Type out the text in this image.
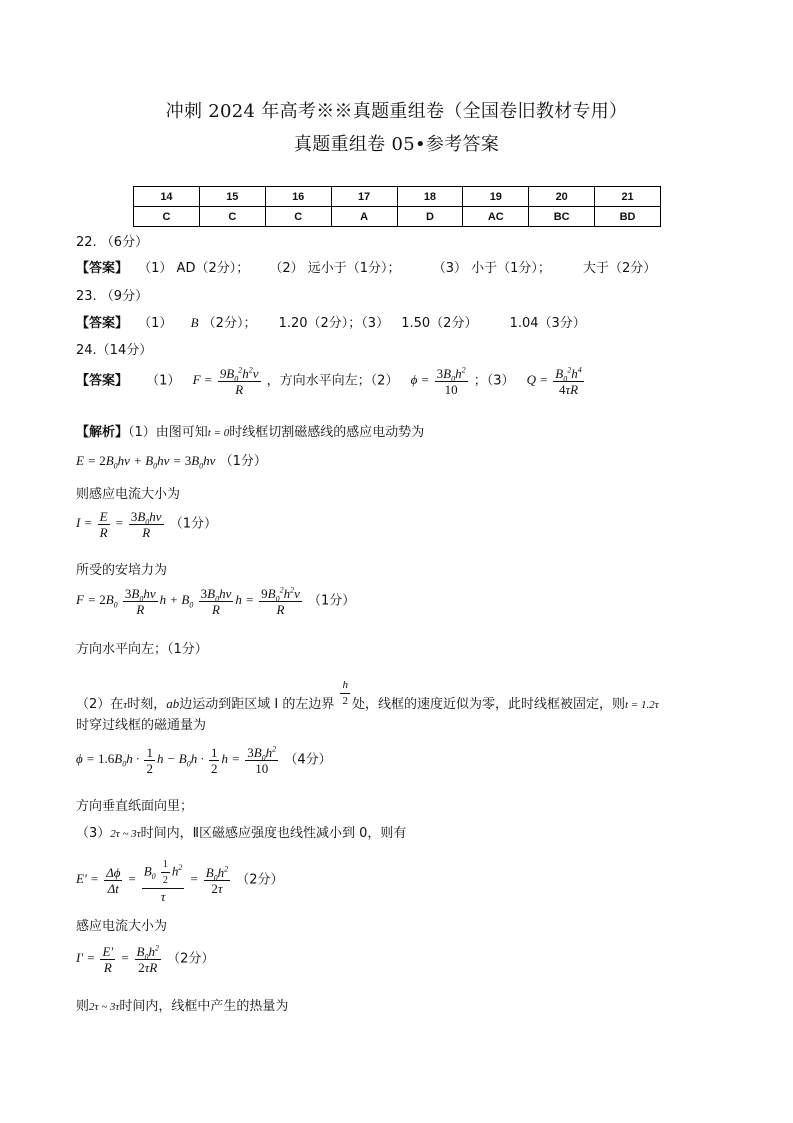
冲刺 2024 年高考※※真题重组卷（全国卷旧教材专用）
真题重组卷 05•参考答案
14	15	16	17	18	19	20	21
C	C	C	A	D	AC	BC	BD
22. （6分）
【答案】 （1） AD（2分）； （2） 远小于（1分）； （3） 小于（1分）； 大于（2分）
23. （9分）
【答案】 （1） B （2分）； 1.20（2分）；（3） 1.50（2分） 1.04（3分）
24.（14分）
【答案】 （1） $F = \frac{9B_0^2h^2v}{R}$ ，方向水平向左；（2） $\phi = \frac{3B_0h^2}{10}$ ；（3） $Q = \frac{B_0^2h^4}{4\tau R}$
【解析】（1）由图可知t = 0时线框切割磁感线的感应电动势为
$E = 2B_0hv + B_0hv = 3B_0hv$ （1分）
则感应电流大小为
$I = \frac{E}{R} = \frac{3B_0hv}{R} (1$分）
所受的安培力为
$F = 2B_0 \frac{3B_0hv}{R}$ $h + B_0 \frac{3B_0hv}{R}$ $h = \frac{9B_0^2h^2v}{R} (1$分）
方向水平向左；（1分）
（2）在τ时刻，ab边运动到距区域 I 的左边界 $\frac{h}{2}$ 处，线框的速度近似为零，此时线框被固定，则t = 1.2τ
时穿过线框的磁通量为
$\phi = 1.6B_0h \cdot \frac{1}{2}$ $h - B_0h \cdot \frac{1}{2}$ $h = \frac{3B_0h^2}{10} (4$分）
方向垂直纸面向里；
（3）2τ ~ 3τ时间内，Ⅱ区磁感应强度也线性减小到 0，则有
$E' = \frac{\Delta\phi}{\Delta t} = \frac{B_0 \frac{1}{2} h^2}{\tau} = \frac{B_0h^2}{2\tau} (2$分）
感应电流大小为
$I' = \frac{E'}{R} = \frac{B_0h^2}{2\tau R} (2$分）
则2τ ~ 3τ时间内，线框中产生的热量为
